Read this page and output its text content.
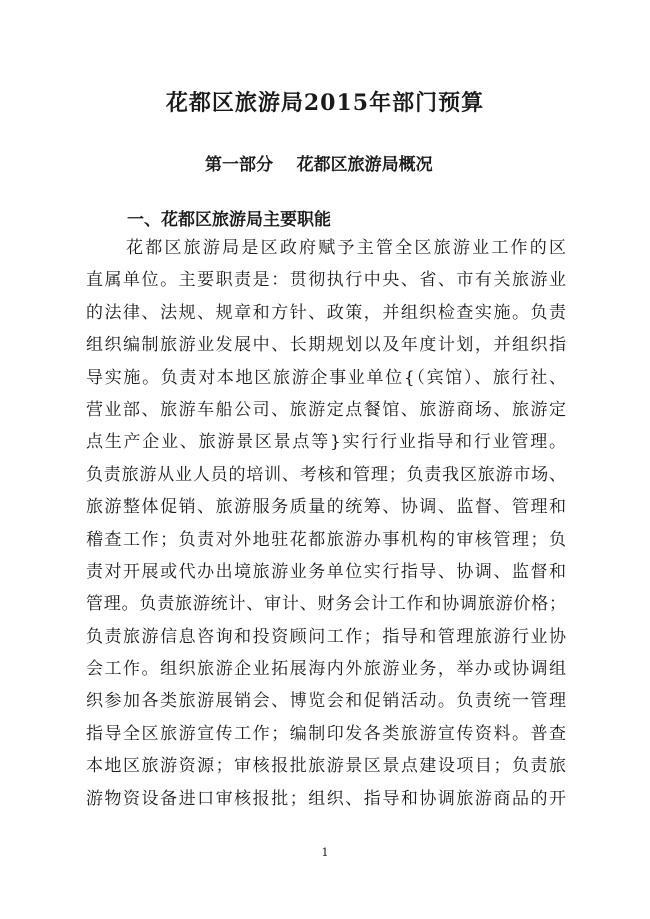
花都区旅游局2015年部门预算
第一部分    花都区旅游局概况
一、花都区旅游局主要职能
花都区旅游局是区政府赋予主管全区旅游业工作的区
直属单位。主要职责是：贯彻执行中央、省、市有关旅游业
的法律、法规、规章和方针、政策，并组织检查实施。负责
组织编制旅游业发展中、长期规划以及年度计划，并组织指
导实施。负责对本地区旅游企事业单位{（宾馆）、旅行社、
营业部、旅游车船公司、旅游定点餐馆、旅游商场、旅游定
点生产企业、旅游景区景点等}实行行业指导和行业管理。
负责旅游从业人员的培训、考核和管理；负责我区旅游市场、
旅游整体促销、旅游服务质量的统筹、协调、监督、管理和
稽查工作；负责对外地驻花都旅游办事机构的审核管理；负
责对开展或代办出境旅游业务单位实行指导、协调、监督和
管理。负责旅游统计、审计、财务会计工作和协调旅游价格；
负责旅游信息咨询和投资顾问工作；指导和管理旅游行业协
会工作。组织旅游企业拓展海内外旅游业务，举办或协调组
织参加各类旅游展销会、博览会和促销活动。负责统一管理
指导全区旅游宣传工作；编制印发各类旅游宣传资料。普查
本地区旅游资源；审核报批旅游景区景点建设项目；负责旅
游物资设备进口审核报批；组织、指导和协调旅游商品的开
1
